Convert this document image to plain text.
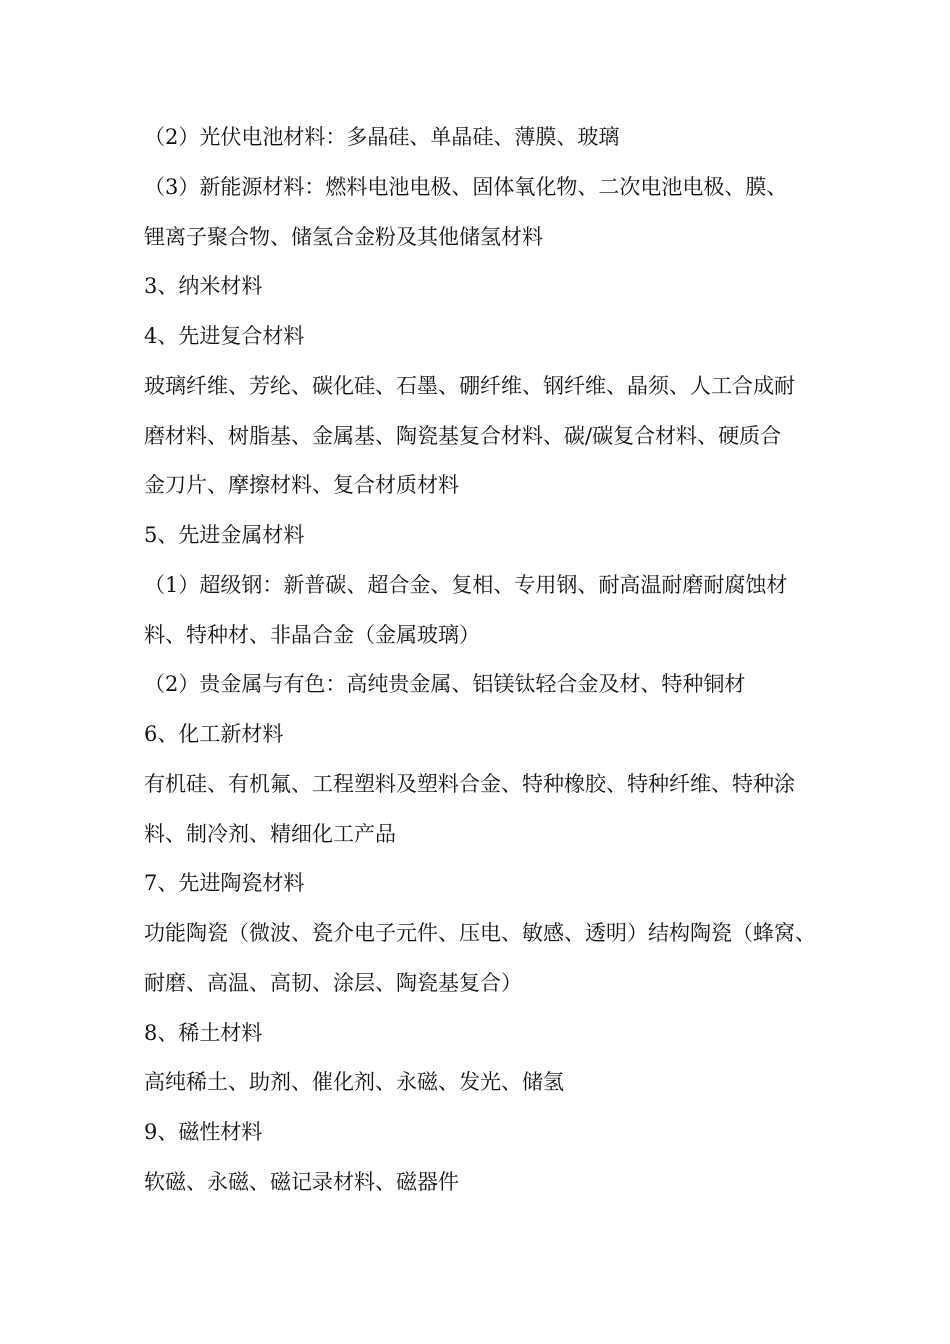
（2）光伏电池材料：多晶硅、单晶硅、薄膜、玻璃
（3）新能源材料：燃料电池电极、固体氧化物、二次电池电极、膜、
锂离子聚合物、储氢合金粉及其他储氢材料
3、纳米材料
4、先进复合材料
玻璃纤维、芳纶、碳化硅、石墨、硼纤维、钢纤维、晶须、人工合成耐
磨材料、树脂基、金属基、陶瓷基复合材料、碳/碳复合材料、硬质合
金刀片、摩擦材料、复合材质材料
5、先进金属材料
（1）超级钢：新普碳、超合金、复相、专用钢、耐高温耐磨耐腐蚀材
料、特种材、非晶合金（金属玻璃）
（2）贵金属与有色：高纯贵金属、铝镁钛轻合金及材、特种铜材
6、化工新材料
有机硅、有机氟、工程塑料及塑料合金、特种橡胶、特种纤维、特种涂
料、制冷剂、精细化工产品
7、先进陶瓷材料
功能陶瓷（微波、瓷介电子元件、压电、敏感、透明）结构陶瓷（蜂窝、
耐磨、高温、高韧、涂层、陶瓷基复合）
8、稀土材料
高纯稀土、助剂、催化剂、永磁、发光、储氢
9、磁性材料
软磁、永磁、磁记录材料、磁器件
